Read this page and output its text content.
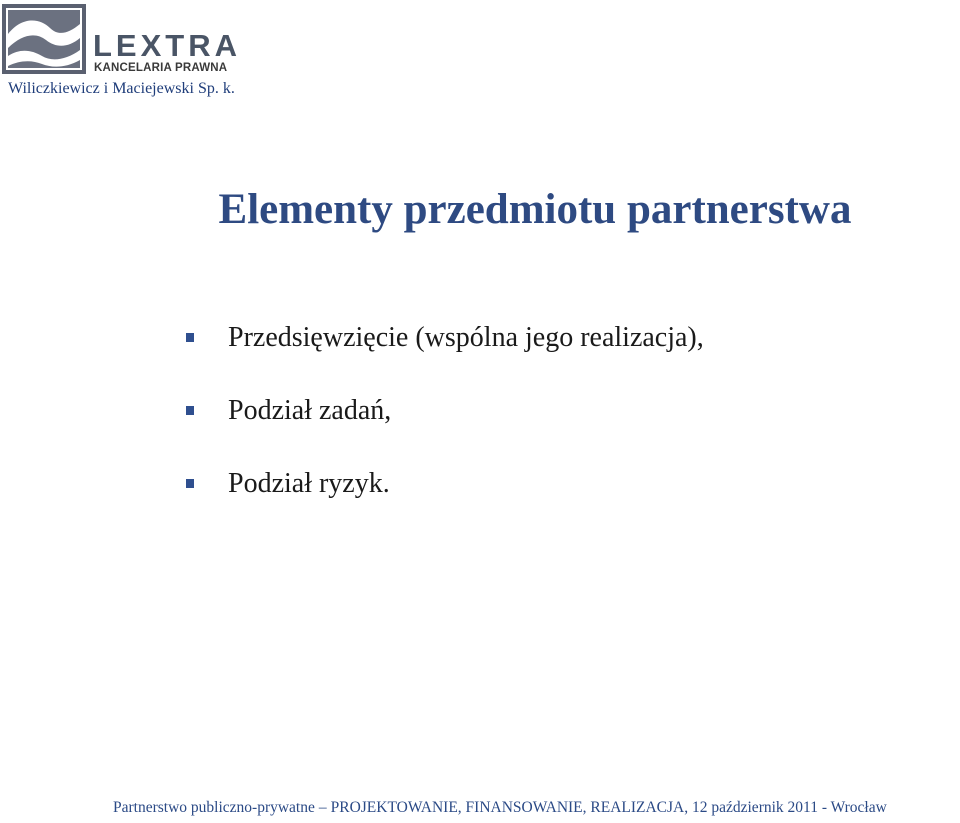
LEXTRA
KANCELARIA PRAWNA
Wiliczkiewicz i Maciejewski Sp. k.
Elementy przedmiotu partnerstwa
Przedsięwzięcie (wspólna jego realizacja),
Podział zadań,
Podział ryzyk.
Partnerstwo publiczno-prywatne – PROJEKTOWANIE, FINANSOWANIE, REALIZACJA, 12 październik 2011 - Wrocław
